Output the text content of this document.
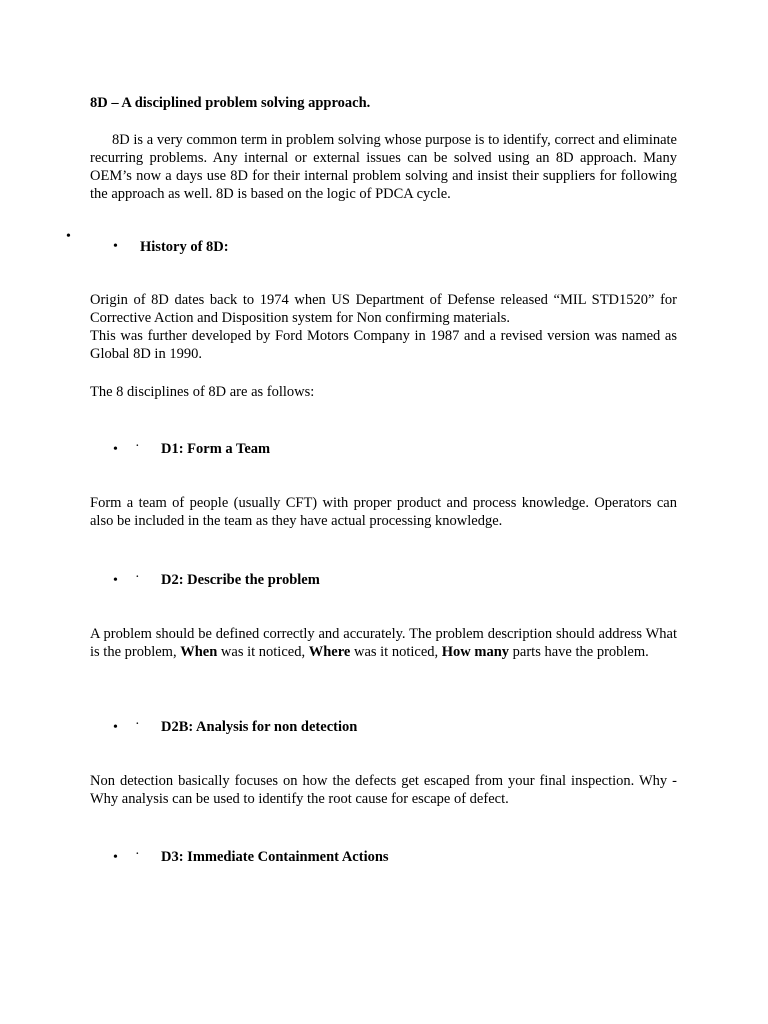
8D – A disciplined problem solving approach.

8D is a very common term in problem solving whose purpose is to identify, correct and eliminate recurring problems. Any internal or external issues can be solved using an 8D approach. Many OEM’s now a days use 8D for their internal problem solving and insist their suppliers for following the approach as well. 8D is based on the logic of PDCA cycle.

•
• History of 8D:
Origin of 8D dates back to 1974 when US Department of Defense released “MIL STD1520” for Corrective Action and Disposition system for Non confirming materials.
This was further developed by Ford Motors Company in 1987 and a revised version was named as Global 8D in 1990.

The 8 disciplines of 8D are as follows:

• · D1: Form a Team

Form a team of people (usually CFT) with proper product and process knowledge. Operators can also be included in the team as they have actual processing knowledge.

• · D2: Describe the problem

A problem should be defined correctly and accurately. The problem description should address What is the problem, When was it noticed, Where was it noticed, How many parts have the problem.

• · D2B: Analysis for non detection

Non detection basically focuses on how the defects get escaped from your final inspection. Why - Why analysis can be used to identify the root cause for escape of defect.

• · D3: Immediate Containment Actions
